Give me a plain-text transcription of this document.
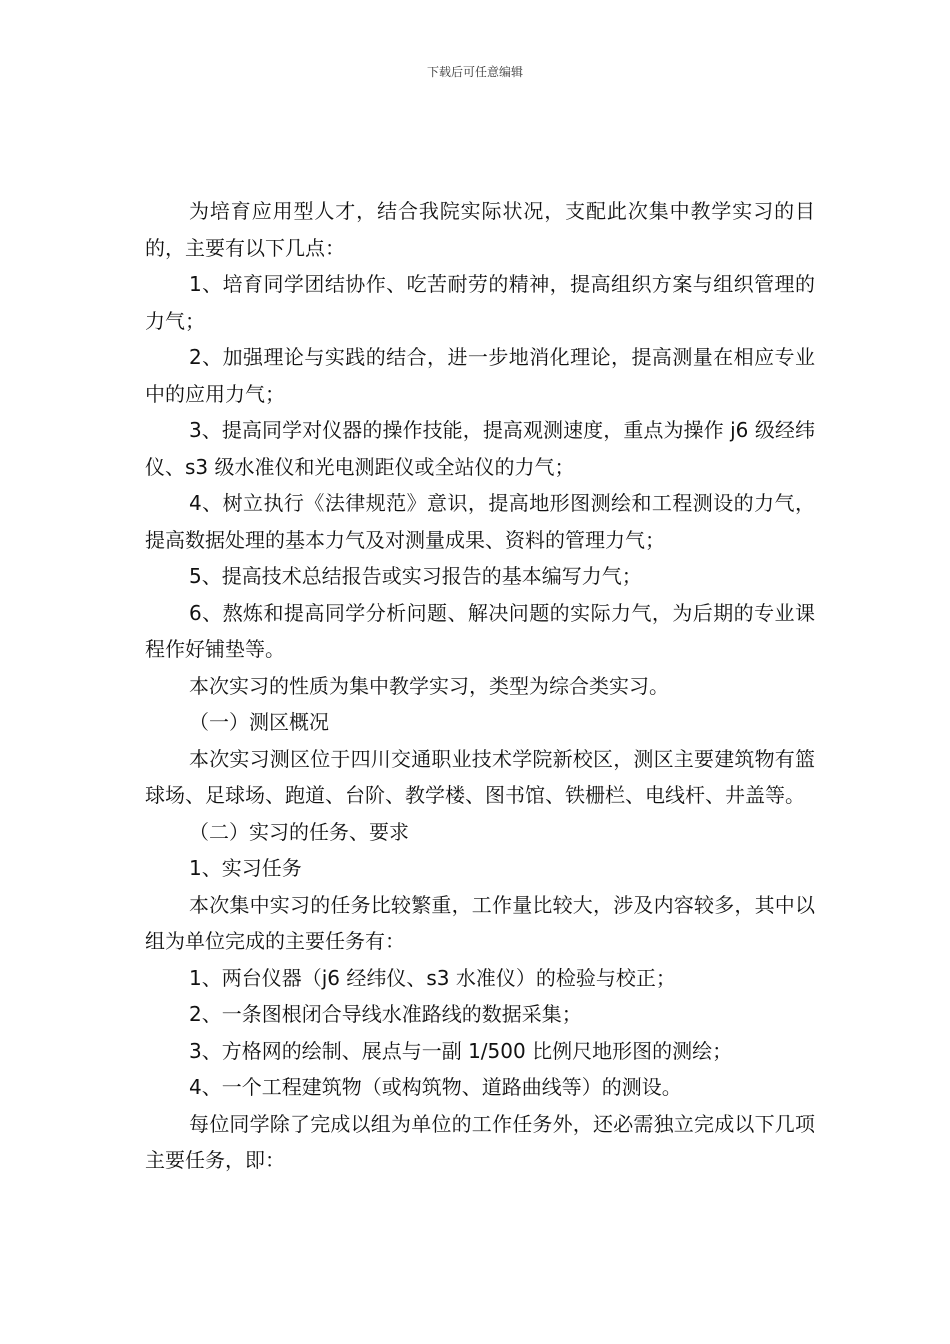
下载后可任意编辑

为培育应用型人才，结合我院实际状况，支配此次集中教学实习的目的，主要有以下几点：

1、培育同学团结协作、吃苦耐劳的精神，提高组织方案与组织管理的力气；

2、加强理论与实践的结合，进一步地消化理论，提高测量在相应专业中的应用力气；

3、提高同学对仪器的操作技能，提高观测速度，重点为操作 j6 级经纬仪、s3 级水准仪和光电测距仪或全站仪的力气；

4、树立执行《法律规范》意识，提高地形图测绘和工程测设的力气，提高数据处理的基本力气及对测量成果、资料的管理力气；

5、提高技术总结报告或实习报告的基本编写力气；

6、熬炼和提高同学分析问题、解决问题的实际力气，为后期的专业课程作好铺垫等。

本次实习的性质为集中教学实习，类型为综合类实习。

（一）测区概况

本次实习测区位于四川交通职业技术学院新校区，测区主要建筑物有篮球场、足球场、跑道、台阶、教学楼、图书馆、铁栅栏、电线杆、井盖等。

（二）实习的任务、要求

1、实习任务

本次集中实习的任务比较繁重，工作量比较大，涉及内容较多，其中以组为单位完成的主要任务有：

1、两台仪器（j6 经纬仪、s3 水准仪）的检验与校正；

2、一条图根闭合导线水准路线的数据采集；

3、方格网的绘制、展点与一副 1/500 比例尺地形图的测绘；

4、一个工程建筑物（或构筑物、道路曲线等）的测设。

每位同学除了完成以组为单位的工作任务外，还必需独立完成以下几项主要任务，即：
